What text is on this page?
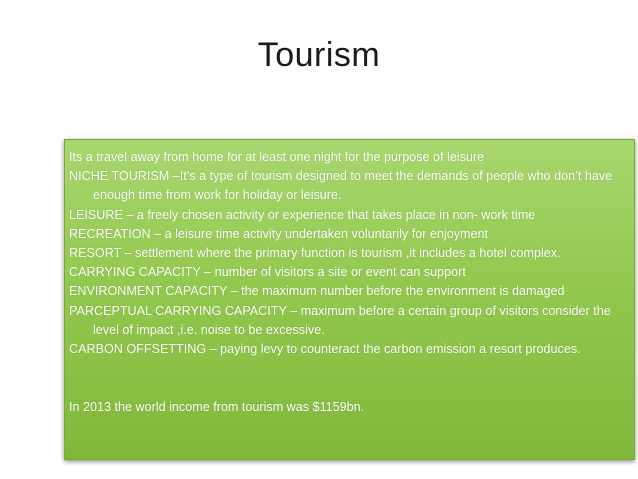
Tourism

Its a travel away from home for at least one night for the purpose of leisure

NICHE TOURISM –It’s a type of tourism designed to meet the demands of people who don’t have enough time from work for holiday or leisure.

LEISURE – a freely chosen activity or experience that takes place in non- work time

RECREATION – a leisure time activity undertaken voluntarily for enjoyment

RESORT – settlement where the primary function is tourism ,it includes a hotel complex.

CARRYING CAPACITY – number of visitors a site or event can support

ENVIRONMENT CAPACITY – the maximum number before the environment is damaged

PARCEPTUAL CARRYING CAPACITY – maximum before a certain group of visitors consider the level of impact ,i.e. noise to be excessive.

CARBON OFFSETTING – paying levy to counteract the carbon emission a resort produces.

In 2013 the world income from tourism was $1159bn.
